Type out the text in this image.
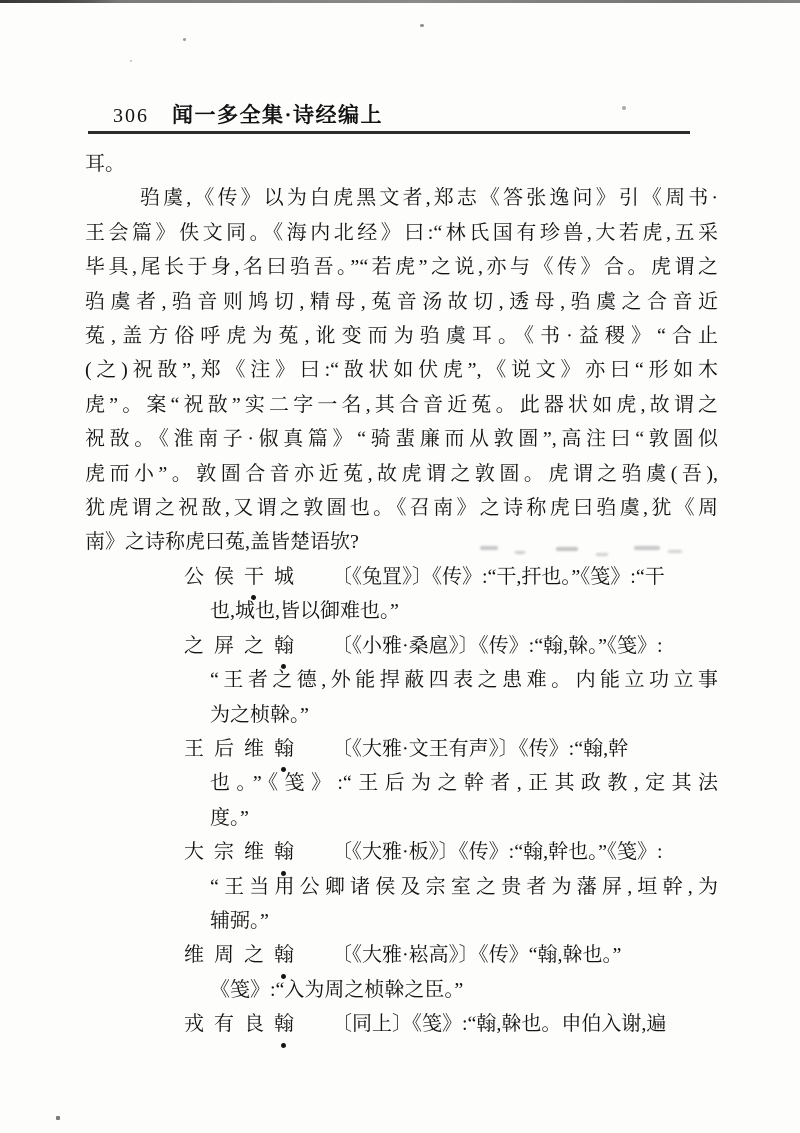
306 闻一多全集·诗经编上
耳。
驺虞,《传》以为白虎黑文者,郑志《答张逸问》引《周书·
王会篇》佚文同。《海内北经》曰:“林氏国有珍兽,大若虎,五采
毕具,尾长于身,名曰驺吾。”“若虎”之说,亦与《传》合。虎谓之
驺虞者,驺音则鸠切,精母,菟音汤故切,透母,驺虞之合音近
菟,盖方俗呼虎为菟,讹变而为驺虞耳。《书·益稷》“合止
(之)祝敔”,郑《注》曰:“敔状如伏虎”,《说文》亦曰“形如木
虎”。案“祝敔”实二字一名,其合音近菟。此器状如虎,故谓之
祝敔。《淮南子·俶真篇》“骑蜚廉而从敦圄”,高注曰“敦圄似
虎而小”。敦圄合音亦近菟,故虎谓之敦圄。虎谓之驺虞(吾),
犹虎谓之祝敔,又谓之敦圄也。《召南》之诗称虎曰驺虞,犹《周
南》之诗称虎曰菟,盖皆楚语欤?
公侯干城 〔《兔罝》〕《传》:“干,扞也。”《笺》:“干
也,城也,皆以御难也。”
之屏之翰 〔《小雅·桑扈》〕《传》:“翰,榦。”《笺》:
“王者之德,外能捍蔽四表之患难。内能立功立事
为之桢榦。”
王后维翰 〔《大雅·文王有声》〕《传》:“翰,幹
也。”《笺》:“王后为之幹者,正其政教,定其法
度。”
大宗维翰 〔《大雅·板》〕《传》:“翰,幹也。”《笺》:
“王当用公卿诸侯及宗室之贵者为藩屏,垣幹,为
辅弼。”
维周之翰 〔《大雅·崧高》〕《传》“翰,榦也。”
《笺》:“入为周之桢榦之臣。”
戎有良翰 〔同上〕《笺》:“翰,榦也。申伯入谢,遍
